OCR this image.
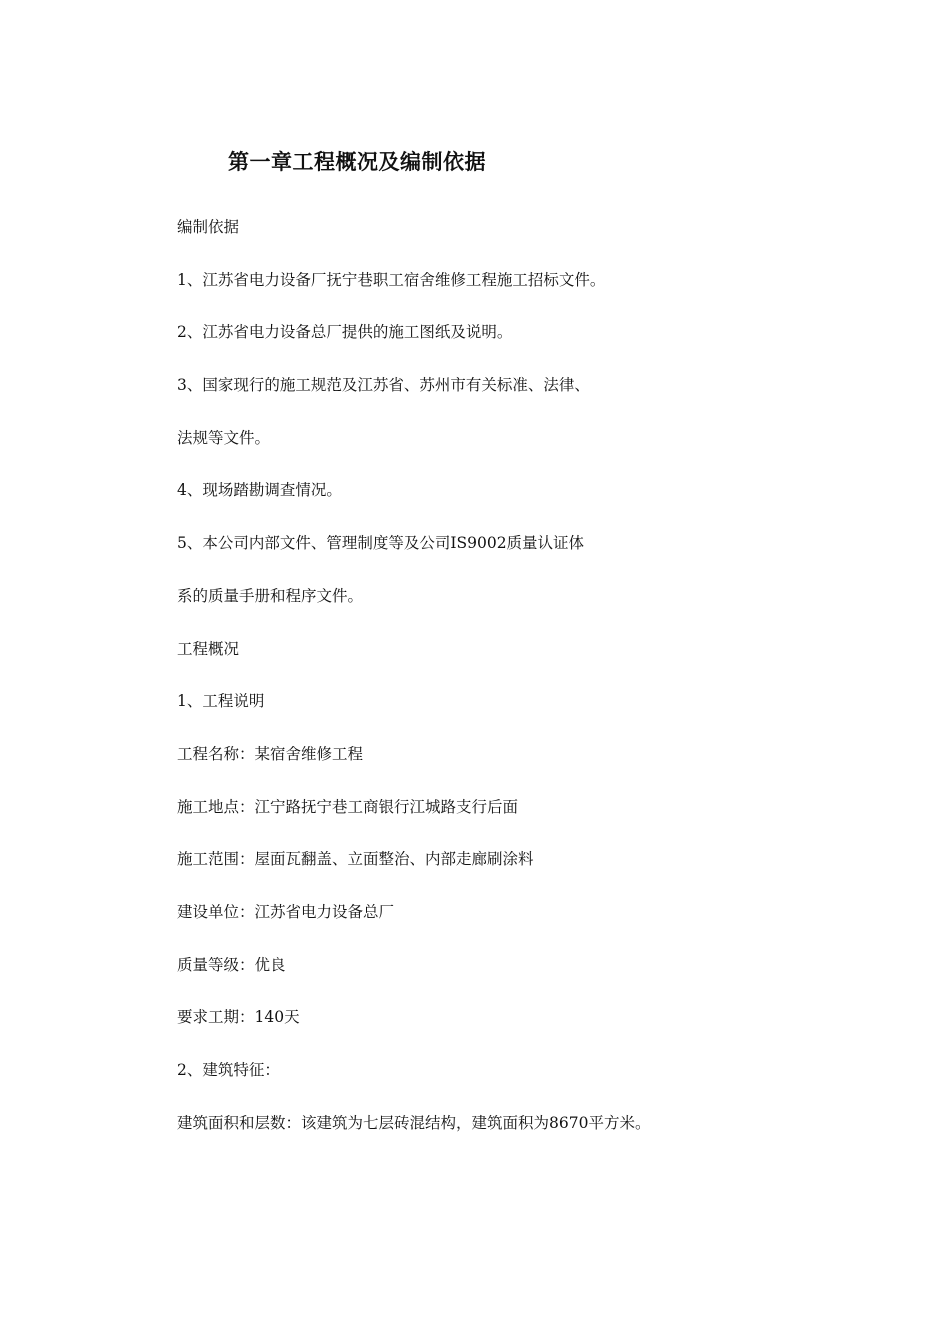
第一章工程概况及编制依据
编制依据
1、江苏省电力设备厂抚宁巷职工宿舍维修工程施工招标文件。
2、江苏省电力设备总厂提供的施工图纸及说明。
3、国家现行的施工规范及江苏省、苏州市有关标准、法律、
法规等文件。
4、现场踏勘调查情况。
5、本公司内部文件、管理制度等及公司IS9002质量认证体
系的质量手册和程序文件。
工程概况
1、工程说明
工程名称：某宿舍维修工程
施工地点：江宁路抚宁巷工商银行江城路支行后面
施工范围：屋面瓦翻盖、立面整治、内部走廊刷涂料
建设单位：江苏省电力设备总厂
质量等级：优良
要求工期：140天
2、建筑特征：
建筑面积和层数：该建筑为七层砖混结构，建筑面积为8670平方米。
